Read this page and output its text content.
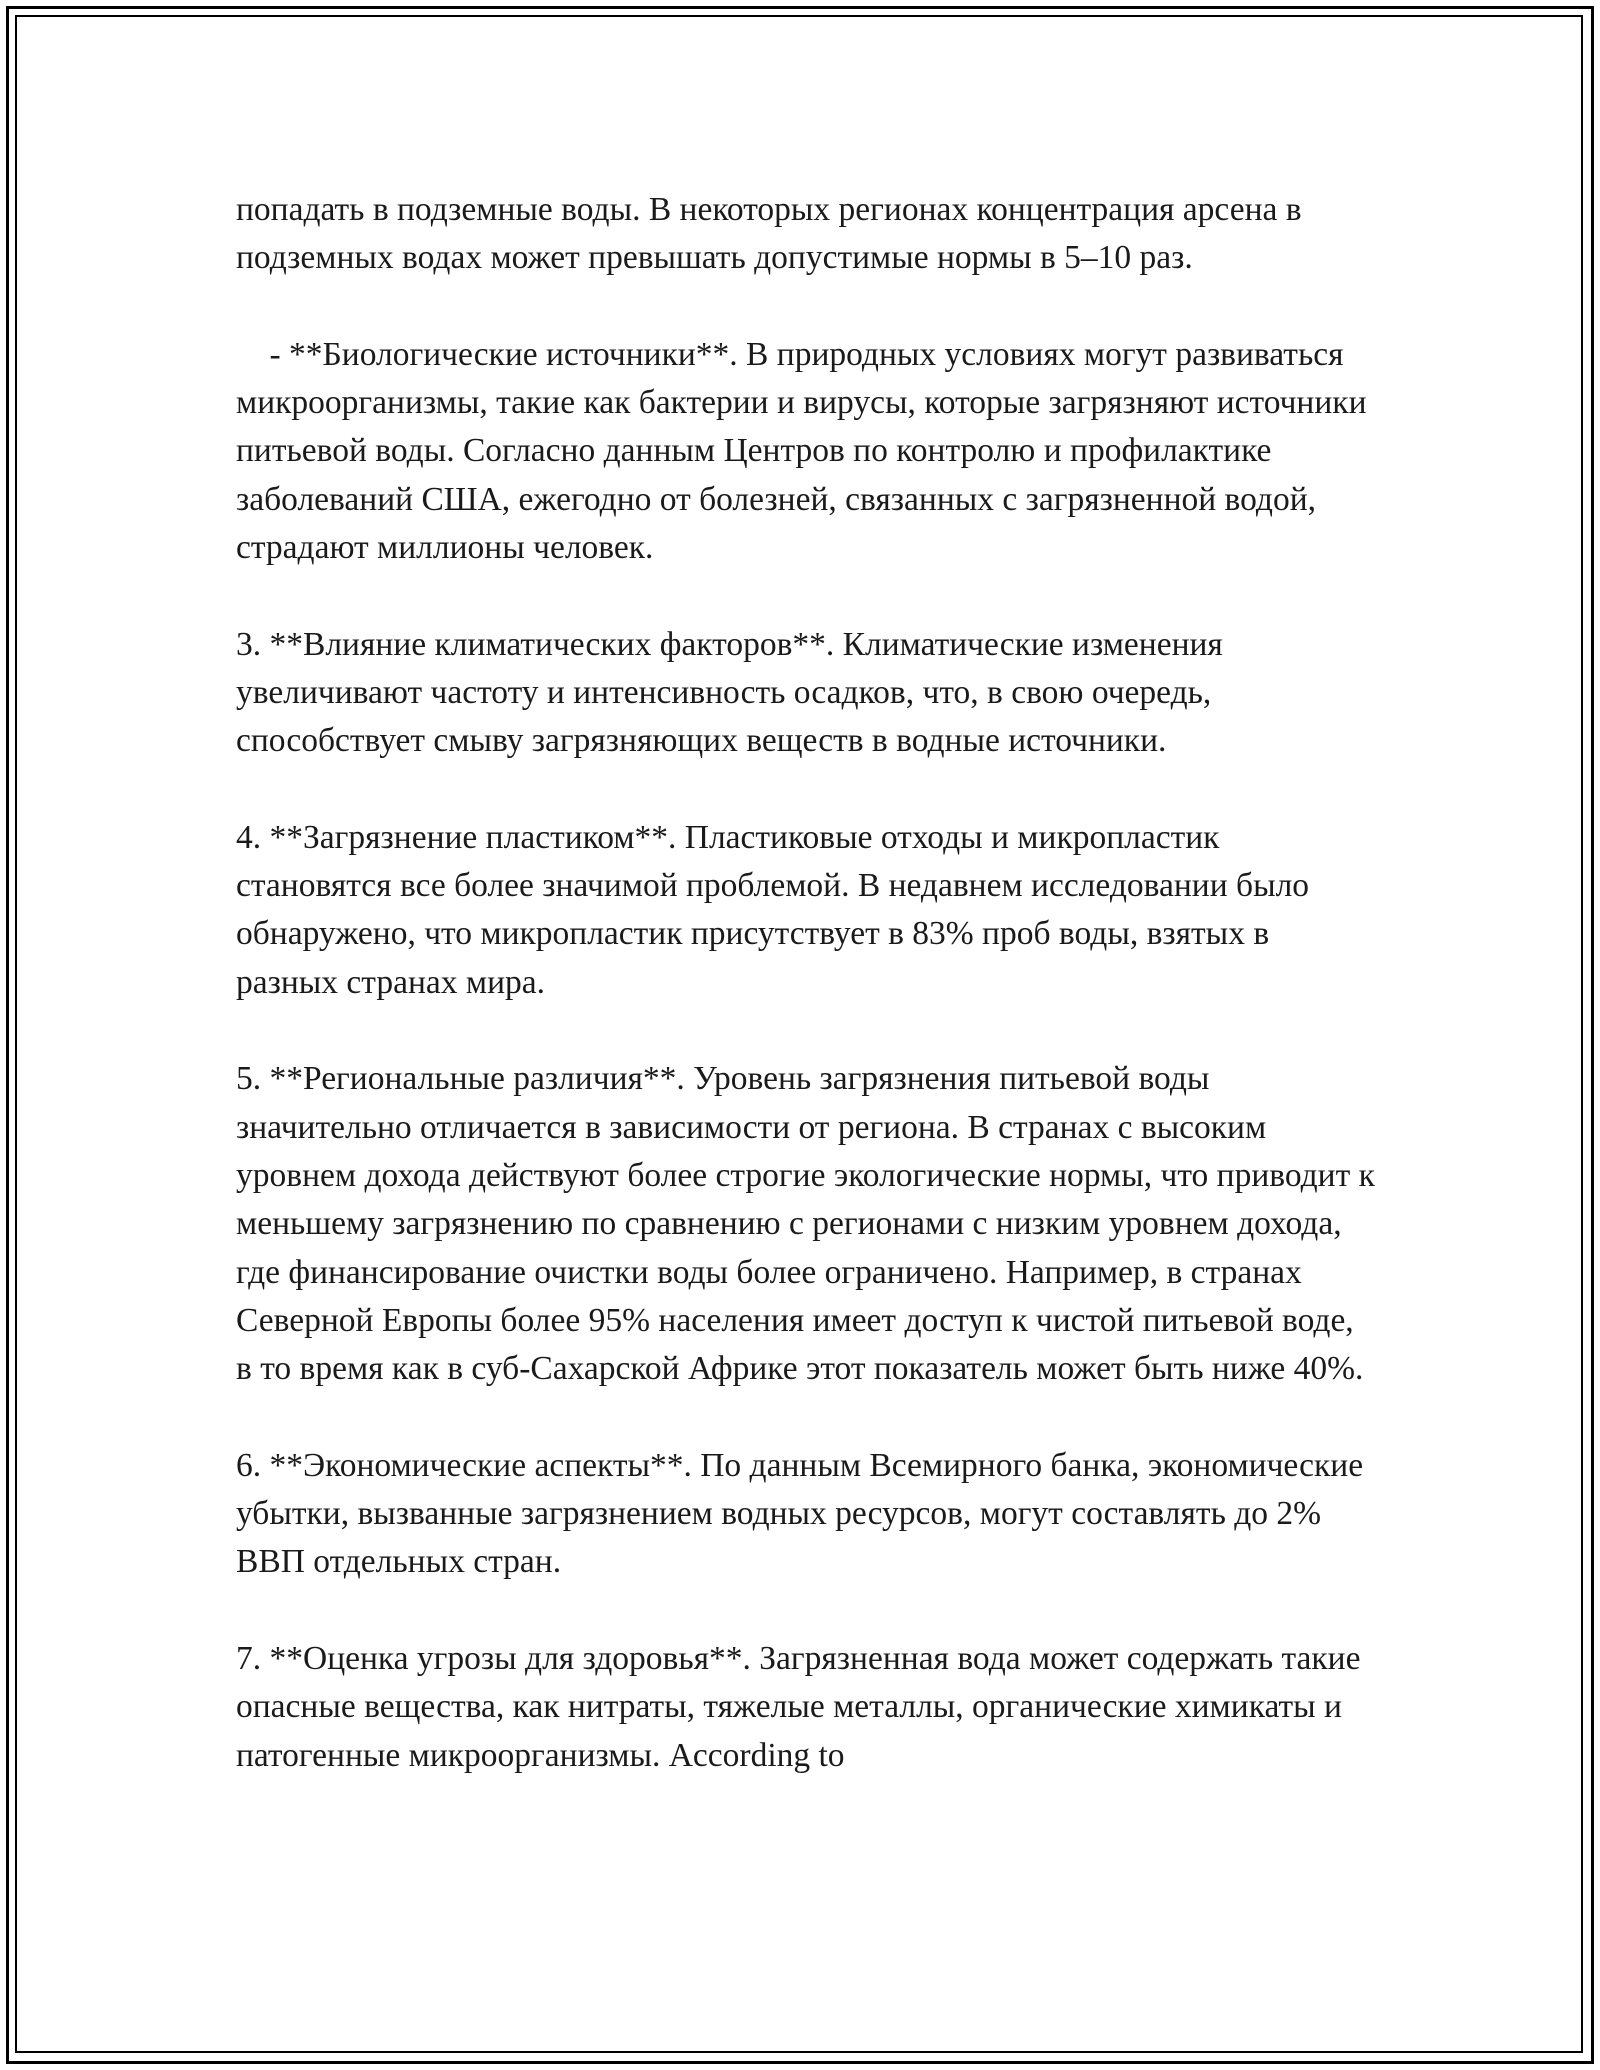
попадать в подземные воды. В некоторых регионах концентрация арсена в подземных водах может превышать допустимые нормы в 5–10 раз.

- **Биологические источники**. В природных условиях могут развиваться микроорганизмы, такие как бактерии и вирусы, которые загрязняют источники питьевой воды. Согласно данным Центров по контролю и профилактике заболеваний США, ежегодно от болезней, связанных с загрязненной водой, страдают миллионы человек.

3. **Влияние климатических факторов**. Климатические изменения увеличивают частоту и интенсивность осадков, что, в свою очередь, способствует смыву загрязняющих веществ в водные источники.

4. **Загрязнение пластиком**. Пластиковые отходы и микропластик становятся все более значимой проблемой. В недавнем исследовании было обнаружено, что микропластик присутствует в 83% проб воды, взятых в разных странах мира.

5. **Региональные различия**. Уровень загрязнения питьевой воды значительно отличается в зависимости от региона. В странах с высоким уровнем дохода действуют более строгие экологические нормы, что приводит к меньшему загрязнению по сравнению с регионами с низким уровнем дохода, где финансирование очистки воды более ограничено. Например, в странах Северной Европы более 95% населения имеет доступ к чистой питьевой воде, в то время как в суб-Сахарской Африке этот показатель может быть ниже 40%.

6. **Экономические аспекты**. По данным Всемирного банка, экономические убытки, вызванные загрязнением водных ресурсов, могут составлять до 2% ВВП отдельных стран.

7. **Оценка угрозы для здоровья**. Загрязненная вода может содержать такие опасные вещества, как нитраты, тяжелые металлы, органические химикаты и патогенные микроорганизмы. According to
